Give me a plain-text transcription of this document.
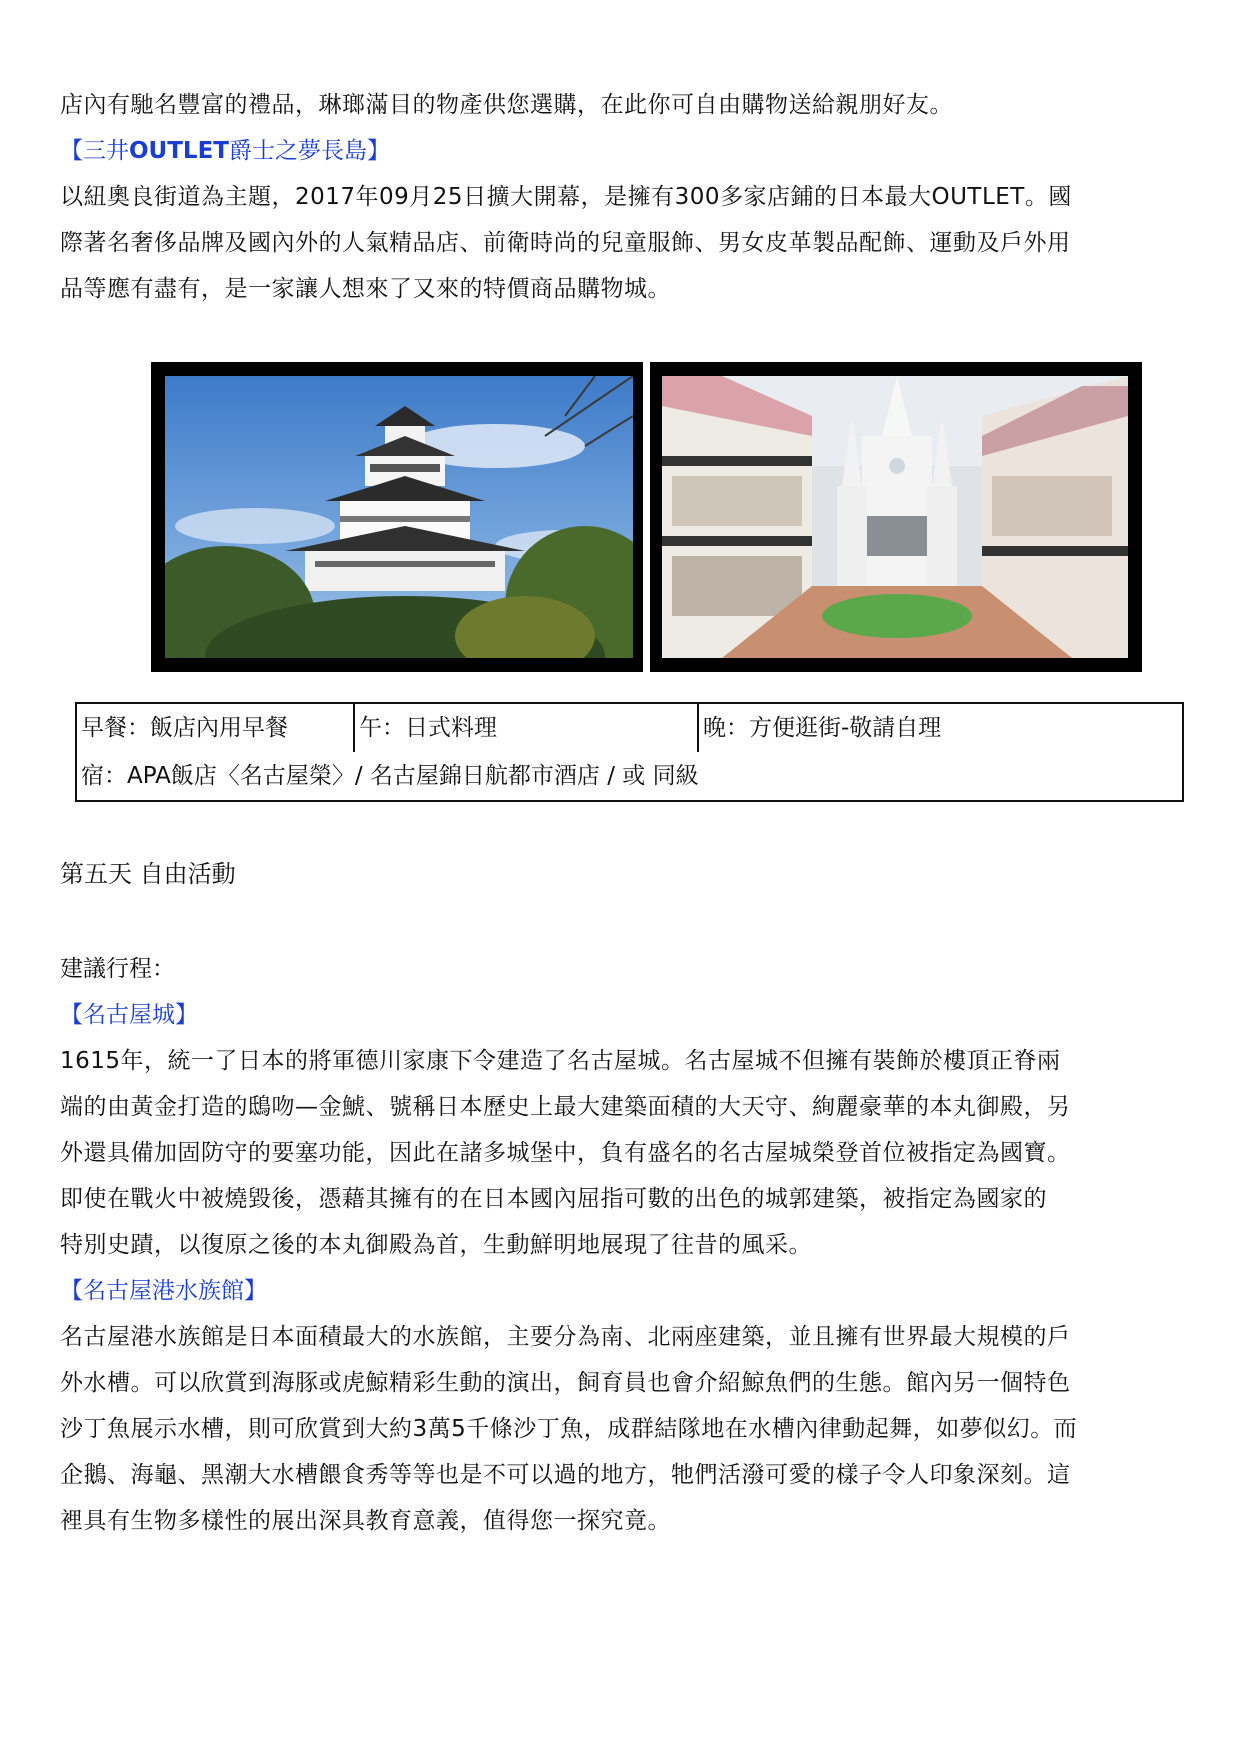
店內有馳名豐富的禮品，琳瑯滿目的物產供您選購，在此你可自由購物送給親朋好友。

【三井OUTLET爵士之夢長島】

以紐奧良街道為主題，2017年09月25日擴大開幕，是擁有300多家店鋪的日本最大OUTLET。國

際著名奢侈品牌及國內外的人氣精品店、前衛時尚的兒童服飾、男女皮革製品配飾、運動及戶外用

品等應有盡有，是一家讓人想來了又來的特價商品購物城。

早餐：飯店內用早餐	午：日式料理	晚：方便逛街-敬請自理
宿：APA飯店〈名古屋榮〉/ 名古屋錦日航都市酒店 / 或 同級

第五天 自由活動

建議行程：

【名古屋城】

1615年，統一了日本的將軍德川家康下令建造了名古屋城。名古屋城不但擁有裝飾於樓頂正脊兩

端的由黃金打造的鴟吻—金鯱、號稱日本歷史上最大建築面積的大天守、絢麗豪華的本丸御殿，另

外還具備加固防守的要塞功能，因此在諸多城堡中，負有盛名的名古屋城榮登首位被指定為國寶。

即使在戰火中被燒毀後，憑藉其擁有的在日本國內屈指可數的出色的城郭建築，被指定為國家的

特別史蹟，以復原之後的本丸御殿為首，生動鮮明地展現了往昔的風采。

【名古屋港水族館】

名古屋港水族館是日本面積最大的水族館，主要分為南、北兩座建築，並且擁有世界最大規模的戶

外水槽。可以欣賞到海豚或虎鯨精彩生動的演出，飼育員也會介紹鯨魚們的生態。館內另一個特色

沙丁魚展示水槽，則可欣賞到大約3萬5千條沙丁魚，成群結隊地在水槽內律動起舞，如夢似幻。而

企鵝、海龜、黑潮大水槽餵食秀等等也是不可以過的地方，牠們活潑可愛的樣子令人印象深刻。這

裡具有生物多樣性的展出深具教育意義，值得您一探究竟。
